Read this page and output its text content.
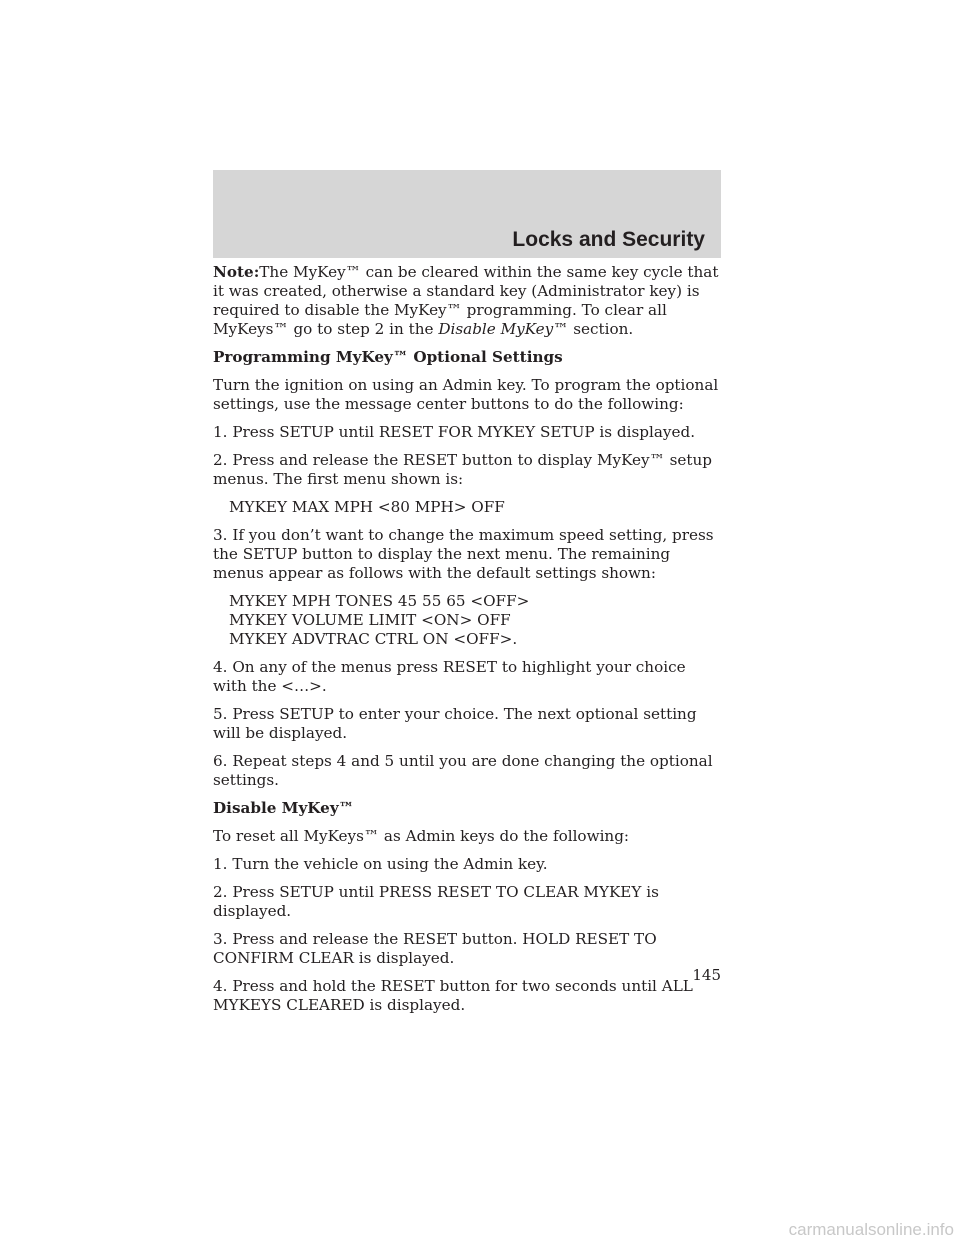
Locks and Security

Note:The MyKey™ can be cleared within the same key cycle that it was created, otherwise a standard key (Administrator key) is required to disable the MyKey™ programming. To clear all MyKeys™ go to step 2 in the Disable MyKey™ section.

Programming MyKey™ Optional Settings

Turn the ignition on using an Admin key. To program the optional settings, use the message center buttons to do the following:

1. Press SETUP until RESET FOR MYKEY SETUP is displayed.

2. Press and release the RESET button to display MyKey™ setup menus. The first menu shown is:

MYKEY MAX MPH <80 MPH> OFF

3. If you don’t want to change the maximum speed setting, press the SETUP button to display the next menu. The remaining menus appear as follows with the default settings shown:

MYKEY MPH TONES 45 55 65 <OFF>
MYKEY VOLUME LIMIT <ON> OFF
MYKEY ADVTRAC CTRL ON <OFF>.

4. On any of the menus press RESET to highlight your choice with the <…>.

5. Press SETUP to enter your choice. The next optional setting will be displayed.

6. Repeat steps 4 and 5 until you are done changing the optional settings.

Disable MyKey™

To reset all MyKeys™ as Admin keys do the following:

1. Turn the vehicle on using the Admin key.

2. Press SETUP until PRESS RESET TO CLEAR MYKEY is displayed.

3. Press and release the RESET button. HOLD RESET TO CONFIRM CLEAR is displayed.

4. Press and hold the RESET button for two seconds until ALL MYKEYS CLEARED is displayed.

145
carmanualsonline.info
